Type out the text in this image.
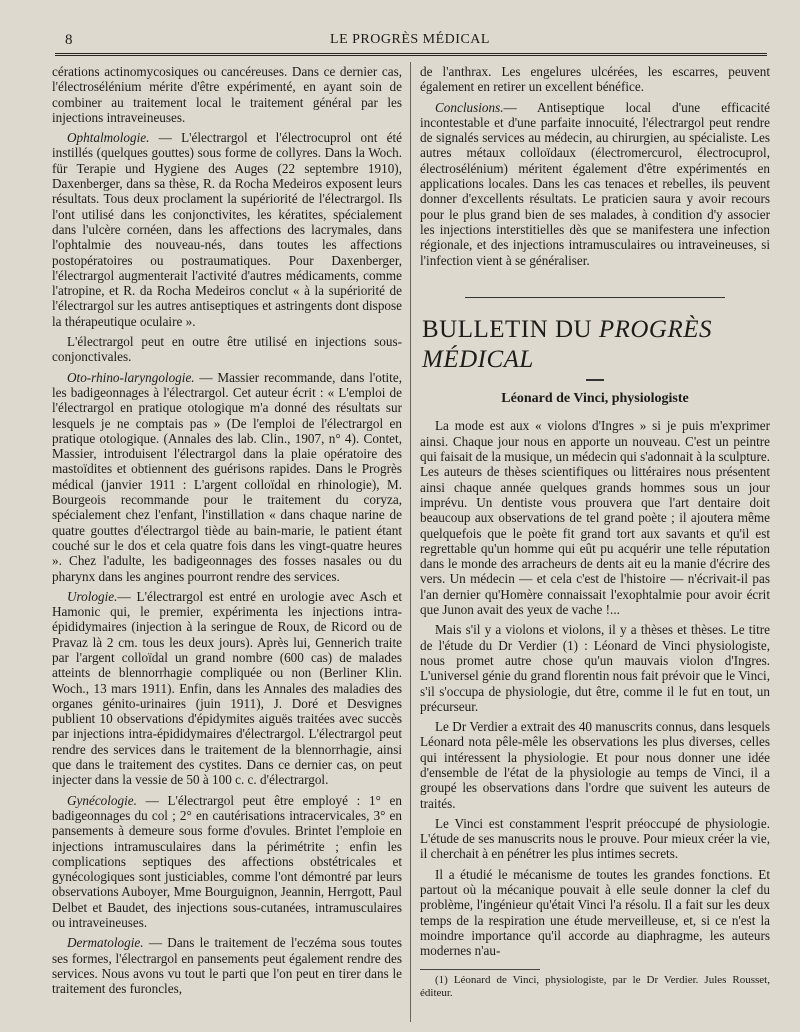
8	LE PROGRÈS MÉDICAL

cérations actinomycosiques ou cancéreuses. Dans ce dernier cas, l'électrosélénium mérite d'être expérimenté, en ayant soin de combiner au traitement local le traitement général par les injections intraveineuses.

Ophtalmologie. — L'électrargol et l'électrocuprol ont été instillés (quelques gouttes) sous forme de collyres. Dans la Woch. für Terapie und Hygiene des Auges (22 septembre 1910), Daxenberger, dans sa thèse, R. da Rocha Medeiros exposent leurs résultats. Tous deux proclament la supériorité de l'électrargol. Ils l'ont utilisé dans les conjonctivites, les kératites, spécialement dans l'ulcère cornéen, dans les affections des lacrymales, dans l'ophtalmie des nouveau-nés, dans toutes les affections postopératoires ou postraumatiques. Pour Daxenberger, l'électrargol augmenterait l'activité d'autres médicaments, comme l'atropine, et R. da Rocha Medeiros conclut « à la supériorité de l'électrargol sur les autres antiseptiques et astringents dont dispose la thérapeutique oculaire ».

L'électrargol peut en outre être utilisé en injections sous-conjonctivales.

Oto-rhino-laryngologie. — Massier recommande, dans l'otite, les badigeonnages à l'électrargol. Cet auteur écrit : « L'emploi de l'électrargol en pratique otologique m'a donné des résultats sur lesquels je ne comptais pas » (De l'emploi de l'électrargol en pratique otologique. (Annales des lab. Clin., 1907, n° 4). Contet, Massier, introduisent l'électrargol dans la plaie opératoire des mastoïdites et obtiennent des guérisons rapides. Dans le Progrès médical (janvier 1911 : L'argent colloïdal en rhinologie), M. Bourgeois recommande pour le traitement du coryza, spécialement chez l'enfant, l'instillation « dans chaque narine de quatre gouttes d'électrargol tiède au bain-marie, le patient étant couché sur le dos et cela quatre fois dans les vingt-quatre heures ». Chez l'adulte, les badigeonnages des fosses nasales ou du pharynx dans les angines pourront rendre des services.

Urologie.— L'électrargol est entré en urologie avec Asch et Hamonic qui, le premier, expérimenta les injections intra-épididymaires (injection à la seringue de Roux, de Ricord ou de Pravaz là 2 cm. tous les deux jours). Après lui, Gennerich traite par l'argent colloïdal un grand nombre (600 cas) de malades atteints de blennorrhagie compliquée ou non (Berliner Klin. Woch., 13 mars 1911). Enfin, dans les Annales des maladies des organes génito-urinaires (juin 1911), J. Doré et Desvignes publient 10 observations d'épidymites aiguës traitées avec succès par injections intra-épididymaires d'électrargol. L'électrargol peut rendre des services dans le traitement de la blennorrhagie, ainsi que dans le traitement des cystites. Dans ce dernier cas, on peut injecter dans la vessie de 50 à 100 c. c. d'électrargol.

Gynécologie. — L'électrargol peut être employé : 1° en badigeonnages du col ; 2° en cautérisations intracervicales, 3° en pansements à demeure sous forme d'ovules. Brintet l'emploie en injections intramusculaires dans la périmétrite ; enfin les complications septiques des affections obstétricales et gynécologiques sont justiciables, comme l'ont démontré par leurs observations Auboyer, Mme Bourguignon, Jeannin, Herrgott, Paul Delbet et Baudet, des injections sous-cutanées, intramusculaires ou intraveineuses.

Dermatologie. — Dans le traitement de l'eczéma sous toutes ses formes, l'électrargol en pansements peut également rendre des services. Nous avons vu tout le parti que l'on peut en tirer dans le traitement des furoncles,

de l'anthrax. Les engelures ulcérées, les escarres, peuvent également en retirer un excellent bénéfice.

Conclusions.— Antiseptique local d'une efficacité incontestable et d'une parfaite innocuité, l'électrargol peut rendre de signalés services au médecin, au chirurgien, au spécialiste. Les autres métaux colloïdaux (électromercurol, électrocuprol, électrosélénium) méritent également d'être expérimentés en applications locales. Dans les cas tenaces et rebelles, ils peuvent donner d'excellents résultats. Le praticien saura y avoir recours pour le plus grand bien de ses malades, à condition d'y associer les injections interstitielles dès que se manifestera une infection régionale, et des injections intramusculaires ou intraveineuses, si l'infection vient à se généraliser.

BULLETIN DU PROGRÈS MÉDICAL
Léonard de Vinci, physiologiste

La mode est aux « violons d'Ingres » si je puis m'exprimer ainsi. Chaque jour nous en apporte un nouveau. C'est un peintre qui faisait de la musique, un médecin qui s'adonnait à la sculpture. Les auteurs de thèses scientifiques ou littéraires nous présentent ainsi chaque année quelques grands hommes sous un jour imprévu. Un dentiste vous prouvera que l'art dentaire doit beaucoup aux observations de tel grand poète ; il ajoutera même quelquefois que le poète fit grand tort aux savants et qu'il est regrettable qu'un homme qui eût pu acquérir une telle réputation dans le monde des arracheurs de dents ait eu la manie d'écrire des vers. Un médecin — et cela c'est de l'histoire — n'écrivait-il pas l'an dernier qu'Homère connaissait l'exophtalmie pour avoir écrit que Junon avait des yeux de vache !...

Mais s'il y a violons et violons, il y a thèses et thèses. Le titre de l'étude du Dr Verdier (1) : Léonard de Vinci physiologiste, nous promet autre chose qu'un mauvais violon d'Ingres. L'universel génie du grand florentin nous fait prévoir que le Vinci, s'il s'occupa de physiologie, dut être, comme il le fut en tout, un précurseur.

Le Dr Verdier a extrait des 40 manuscrits connus, dans lesquels Léonard nota pêle-mêle les observations les plus diverses, celles qui intéressent la physiologie. Et pour nous donner une idée d'ensemble de l'état de la physiologie au temps de Vinci, il a groupé les observations dans l'ordre que suivent les auteurs de traités.

Le Vinci est constamment l'esprit préoccupé de physiologie. L'étude de ses manuscrits nous le prouve. Pour mieux créer la vie, il cherchait à en pénétrer les plus intimes secrets.

Il a étudié le mécanisme de toutes les grandes fonctions. Et partout où la mécanique pouvait à elle seule donner la clef du problème, l'ingénieur qu'était Vinci l'a résolu. Il a fait sur les deux temps de la respiration une étude merveilleuse, et, si ce n'est la moindre importance qu'il accorde au diaphragme, les auteurs modernes n'au-

(1) Léonard de Vinci, physiologiste, par le Dr Verdier. Jules Rousset, éditeur.
